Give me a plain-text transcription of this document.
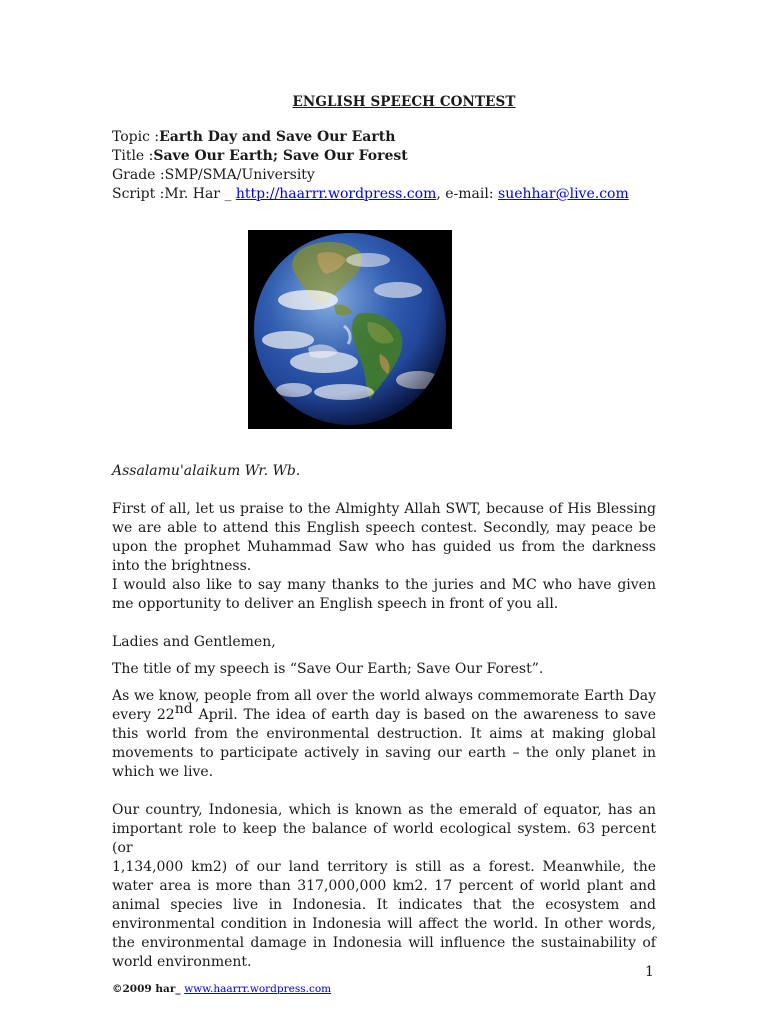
ENGLISH SPEECH CONTEST
Topic :Earth Day and Save Our Earth
Title :Save Our Earth; Save Our Forest
Grade :SMP/SMA/University
Script :Mr. Har _ http://haarrr.wordpress.com, e-mail: suehhar@live.com

Assalamu'alaikum Wr. Wb.

First of all, let us praise to the Almighty Allah SWT, because of His Blessing we are able to attend this English speech contest. Secondly, may peace be upon the prophet Muhammad Saw who has guided us from the darkness into the brightness.

I would also like to say many thanks to the juries and MC who have given me opportunity to deliver an English speech in front of you all.

Ladies and Gentlemen,

The title of my speech is “Save Our Earth; Save Our Forest”.

As we know, people from all over the world always commemorate Earth Day every 22nd April. The idea of earth day is based on the awareness to save this world from the environmental destruction. It aims at making global movements to participate actively in saving our earth – the only planet in which we live.

Our country, Indonesia, which is known as the emerald of equator, has an important role to keep the balance of world ecological system. 63 percent (or

1,134,000 km2) of our land territory is still as a forest. Meanwhile, the water area is more than 317,000,000 km2. 17 percent of world plant and animal species live in Indonesia. It indicates that the ecosystem and environmental condition in Indonesia will affect the world. In other words, the environmental damage in Indonesia will influence the sustainability of world environment.

1
©2009 har_ www.haarrr.wordpress.com
